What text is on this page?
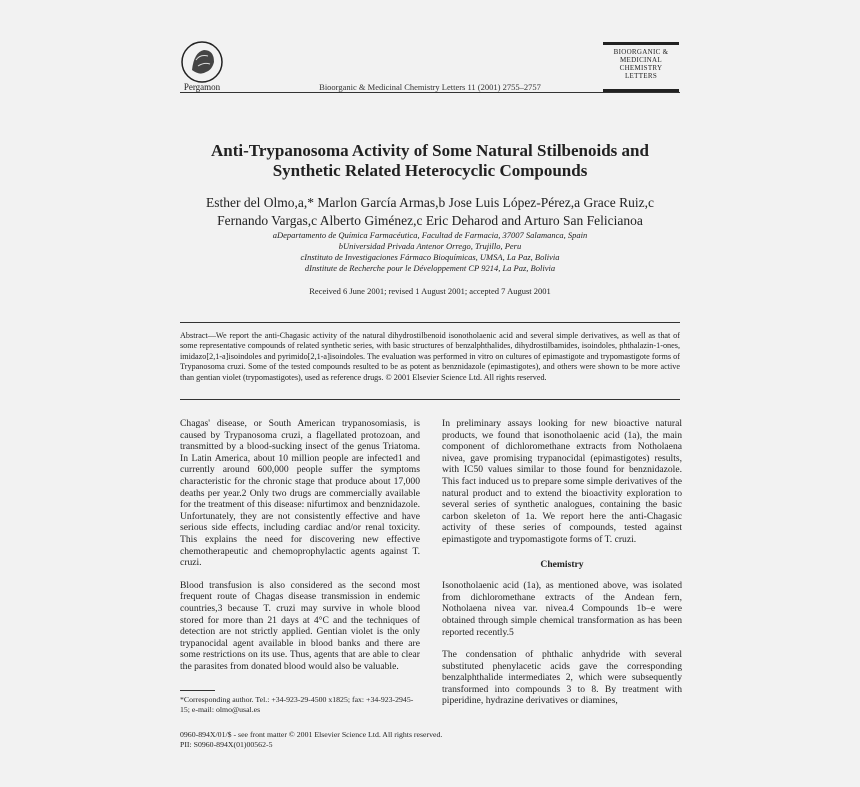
Pergamon	Bioorganic & Medicinal Chemistry Letters 11 (2001) 2755–2757
BIOORGANIC &
MEDICINAL
CHEMISTRY
LETTERS
Anti-Trypanosoma Activity of Some Natural Stilbenoids and
Synthetic Related Heterocyclic Compounds
Esther del Olmo,a,* Marlon García Armas,b Jose Luis López-Pérez,a Grace Ruiz,c
Fernando Vargas,c Alberto Giménez,c Eric Deharod and Arturo San Felicianoa
aDepartamento de Química Farmacéutica, Facultad de Farmacia, 37007 Salamanca, Spain
bUniversidad Privada Antenor Orrego, Trujillo, Peru
cInstituto de Investigaciones Fármaco Bioquímicas, UMSA, La Paz, Bolivia
dInstitute de Recherche pour le Développement CP 9214, La Paz, Bolivia
Received 6 June 2001; revised 1 August 2001; accepted 7 August 2001
Abstract—We report the anti-Chagasic activity of the natural dihydrostilbenoid isonotholaenic acid and several simple derivatives, as well as that of some representative compounds of related synthetic series, with basic structures of benzalphthalides, dihydrostilbamides, isoindoles, phthalazin-1-ones, imidazo[2,1-a]isoindoles and pyrimido[2,1-a]isoindoles. The evaluation was performed in vitro on cultures of epimastigote and trypomastigote forms of Trypanosoma cruzi. Some of the tested compounds resulted to be as potent as benznidazole (epimastigotes), and others were shown to be more active than gentian violet (trypomastigotes), used as reference drugs. © 2001 Elsevier Science Ltd. All rights reserved.

Chagas' disease, or South American trypanosomiasis, is caused by Trypanosoma cruzi, a flagellated protozoan, and transmitted by a blood-sucking insect of the genus Triatoma. In Latin America, about 10 million people are infected1 and currently around 600,000 people suffer the symptoms characteristic for the chronic stage that produce about 17,000 deaths per year.2 Only two drugs are commercially available for the treatment of this disease: nifurtimox and benznidazole. Unfortunately, they are not consistently effective and have serious side effects, including cardiac and/or renal toxicity. This explains the need for discovering new effective chemotherapeutic and chemoprophylactic agents against T. cruzi.

Blood transfusion is also considered as the second most frequent route of Chagas disease transmission in endemic countries,3 because T. cruzi may survive in whole blood stored for more than 21 days at 4°C and the techniques of detection are not strictly applied. Gentian violet is the only trypanocidal agent available in blood banks and there are some restrictions on its use. Thus, agents that are able to clear the parasites from donated blood would also be valuable.

In preliminary assays looking for new bioactive natural products, we found that isonotholaenic acid (1a), the main component of dichloromethane extracts from Notholaena nivea, gave promising trypanocidal (epimastigotes) results, with IC50 values similar to those found for benznidazole. This fact induced us to prepare some simple derivatives of the natural product and to extend the bioactivity exploration to several series of synthetic analogues, containing the basic carbon skeleton of 1a. We report here the anti-Chagasic activity of these series of compounds, tested against epimastigote and trypomastigote forms of T. cruzi.

Chemistry

Isonotholaenic acid (1a), as mentioned above, was isolated from dichloromethane extracts of the Andean fern, Notholaena nivea var. nivea.4 Compounds 1b–e were obtained through simple chemical transformation as has been reported recently.5

The condensation of phthalic anhydride with several substituted phenylacetic acids gave the corresponding benzalphthalide intermediates 2, which were subsequently transformed into compounds 3 to 8. By treatment with piperidine, hydrazine derivatives or diamines,

*Corresponding author. Tel.: +34-923-29-4500 x1825; fax: +34-923-2945-15; e-mail: olmo@usal.es
0960-894X/01/$ - see front matter © 2001 Elsevier Science Ltd. All rights reserved.
PII: S0960-894X(01)00562-5
